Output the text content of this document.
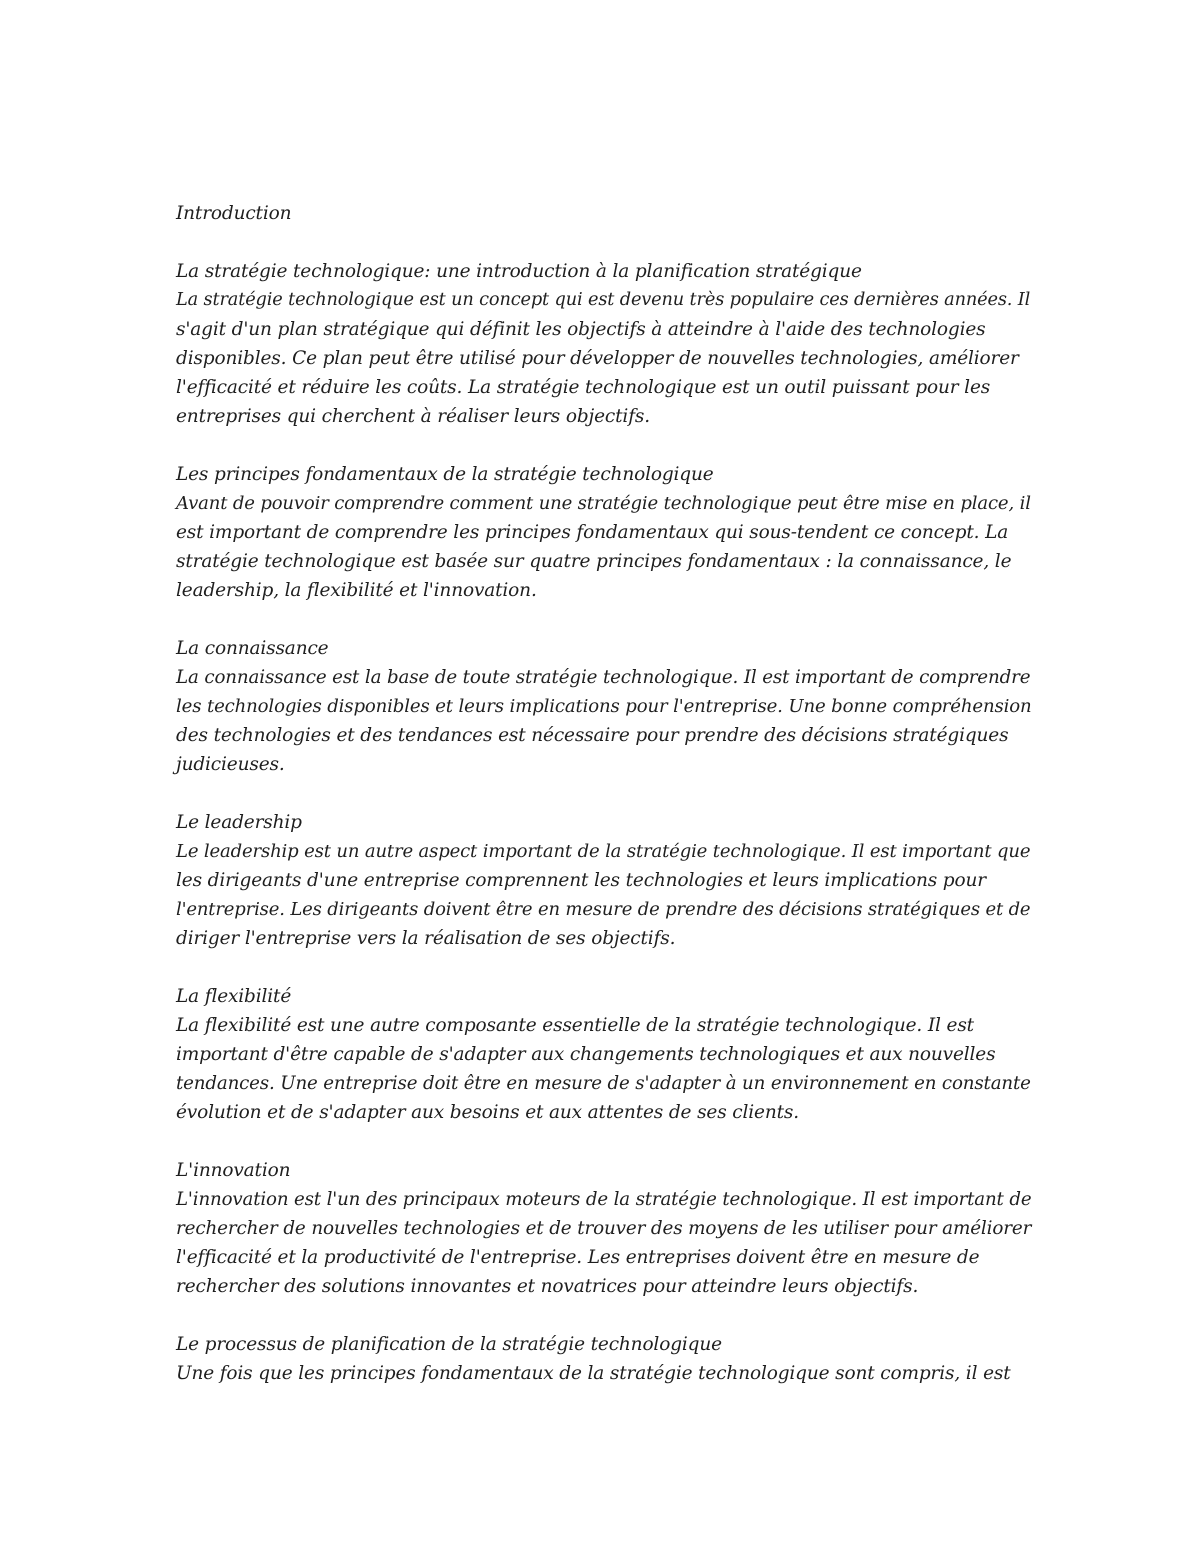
Introduction
La stratégie technologique: une introduction à la planification stratégique
La stratégie technologique est un concept qui est devenu très populaire ces dernières années. Il
s'agit d'un plan stratégique qui définit les objectifs à atteindre à l'aide des technologies
disponibles. Ce plan peut être utilisé pour développer de nouvelles technologies, améliorer
l'efficacité et réduire les coûts. La stratégie technologique est un outil puissant pour les
entreprises qui cherchent à réaliser leurs objectifs.
Les principes fondamentaux de la stratégie technologique
Avant de pouvoir comprendre comment une stratégie technologique peut être mise en place, il
est important de comprendre les principes fondamentaux qui sous-tendent ce concept. La
stratégie technologique est basée sur quatre principes fondamentaux : la connaissance, le
leadership, la flexibilité et l'innovation.
La connaissance
La connaissance est la base de toute stratégie technologique. Il est important de comprendre
les technologies disponibles et leurs implications pour l'entreprise. Une bonne compréhension
des technologies et des tendances est nécessaire pour prendre des décisions stratégiques
judicieuses.
Le leadership
Le leadership est un autre aspect important de la stratégie technologique. Il est important que
les dirigeants d'une entreprise comprennent les technologies et leurs implications pour
l'entreprise. Les dirigeants doivent être en mesure de prendre des décisions stratégiques et de
diriger l'entreprise vers la réalisation de ses objectifs.
La flexibilité
La flexibilité est une autre composante essentielle de la stratégie technologique. Il est
important d'être capable de s'adapter aux changements technologiques et aux nouvelles
tendances. Une entreprise doit être en mesure de s'adapter à un environnement en constante
évolution et de s'adapter aux besoins et aux attentes de ses clients.
L'innovation
L'innovation est l'un des principaux moteurs de la stratégie technologique. Il est important de
rechercher de nouvelles technologies et de trouver des moyens de les utiliser pour améliorer
l'efficacité et la productivité de l'entreprise. Les entreprises doivent être en mesure de
rechercher des solutions innovantes et novatrices pour atteindre leurs objectifs.
Le processus de planification de la stratégie technologique
Une fois que les principes fondamentaux de la stratégie technologique sont compris, il est
